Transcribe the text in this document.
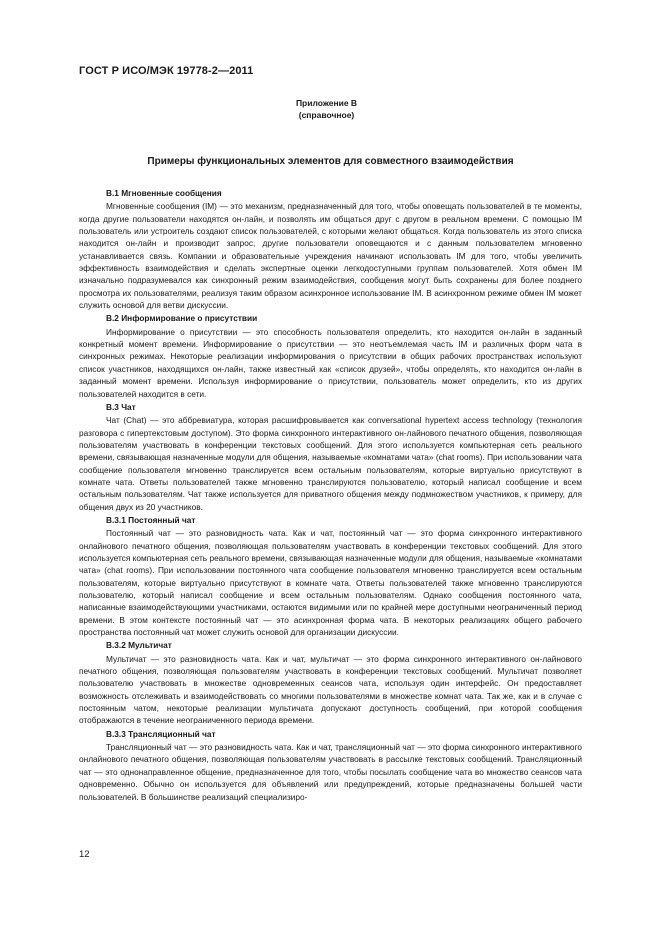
ГОСТ Р ИСО/МЭК 19778-2—2011
Приложение В
(справочное)
Примеры функциональных элементов для совместного взаимодействия
В.1 Мгновенные сообщения

Мгновенные сообщения (IM) — это механизм, предназначенный для того, чтобы оповещать пользователей в те моменты, когда другие пользователи находятся он-лайн, и позволять им общаться друг с другом в реальном времени. С помощью IM пользователь или устроитель создают список пользователей, с которыми желают общаться. Когда пользователь из этого списка находится он-лайн и производит запрос, другие пользователи оповещаются и с данным пользователем мгновенно устанавливается связь. Компании и образовательные учреждения начинают использовать IM для того, чтобы увеличить эффективность взаимодействия и сделать экспертные оценки легкодоступными группам пользователей. Хотя обмен IM изначально подразумевался как синхронный режим взаимодействия, сообщения могут быть сохранены для более позднего просмотра их пользователями, реализуя таким образом асинхронное использование IM. В асинхронном режиме обмен IM может служить основой для ветви дискуссии.

В.2 Информирование о присутствии

Информирование о присутствии — это способность пользователя определить, кто находится он-лайн в заданный конкретный момент времени. Информирование о присутствии — это неотъемлемая часть IM и различных форм чата в синхронных режимах. Некоторые реализации информирования о присутствии в общих рабочих пространствах используют список участников, находящихся он-лайн, также известный как «список друзей», чтобы определять, кто находится он-лайн в заданный момент времени. Используя информирование о присутствии, пользователь может определить, кто из других пользователей находится в сети.

В.3 Чат

Чат (Chat) — это аббревиатура, которая расшифровывается как conversational hypertext access technology (технология разговора с гипертекстовым доступом). Это форма синхронного интерактивного он-лайнового печатного общения, позволяющая пользователям участвовать в конференции текстовых сообщений. Для этого используется компьютерная сеть реального времени, связывающая назначенные модули для общения, называемые «комнатами чата» (chat rooms). При использовании чата сообщение пользователя мгновенно транслируется всем остальным пользователям, которые виртуально присутствуют в комнате чата. Ответы пользователей также мгновенно транслируются пользователю, который написал сообщение и всем остальным пользователям. Чат также используется для приватного общения между подмножеством участников, к примеру, для общения двух из 20 участников.

В.3.1 Постоянный чат

Постоянный чат — это разновидность чата. Как и чат, постоянный чат — это форма синхронного интерактивного онлайнового печатного общения, позволяющая пользователям участвовать в конференции текстовых сообщений. Для этого используется компьютерная сеть реального времени, связывающая назначенные модули для общения, называемые «комнатами чата» (chat rooms). При использовании постоянного чата сообщение пользователя мгновенно транслируется всем остальным пользователям, которые виртуально присутствуют в комнате чата. Ответы пользователей также мгновенно транслируются пользователю, который написал сообщение и всем остальным пользователям. Однако сообщения постоянного чата, написанные взаимодействующими участниками, остаются видимыми или по крайней мере доступными неограниченный период времени. В этом контексте постоянный чат — это асинхронная форма чата. В некоторых реализациях общего рабочего пространства постоянный чат может служить основой для организации дискуссии.

В.3.2 Мультичат

Мультичат — это разновидность чата. Как и чат, мультичат — это форма синхронного интерактивного он-лайнового печатного общения, позволяющая пользователям участвовать в конференции текстовых сообщений. Мультичат позволяет пользователю участвовать в множестве одновременных сеансов чата, используя один интерфейс. Он предоставляет возможность отслеживать и взаимодействовать со многими пользователями в множестве комнат чата. Так же, как и в случае с постоянным чатом, некоторые реализации мультичата допускают доступность сообщений, при которой сообщения отображаются в течение неограниченного периода времени.

В.3.3 Трансляционный чат

Трансляционный чат — это разновидность чата. Как и чат, трансляционный чат — это форма синхронного интерактивного онлайнового печатного общения, позволяющая пользователям участвовать в рассылке текстовых сообщений. Трансляционный чат — это однонаправленное общение, предназначенное для того, чтобы посылать сообщение чата во множество сеансов чата одновременно. Обычно он используется для объявлений или предупреждений, которые предназначены большей части пользователей. В большинстве реализаций специализиро-

12
